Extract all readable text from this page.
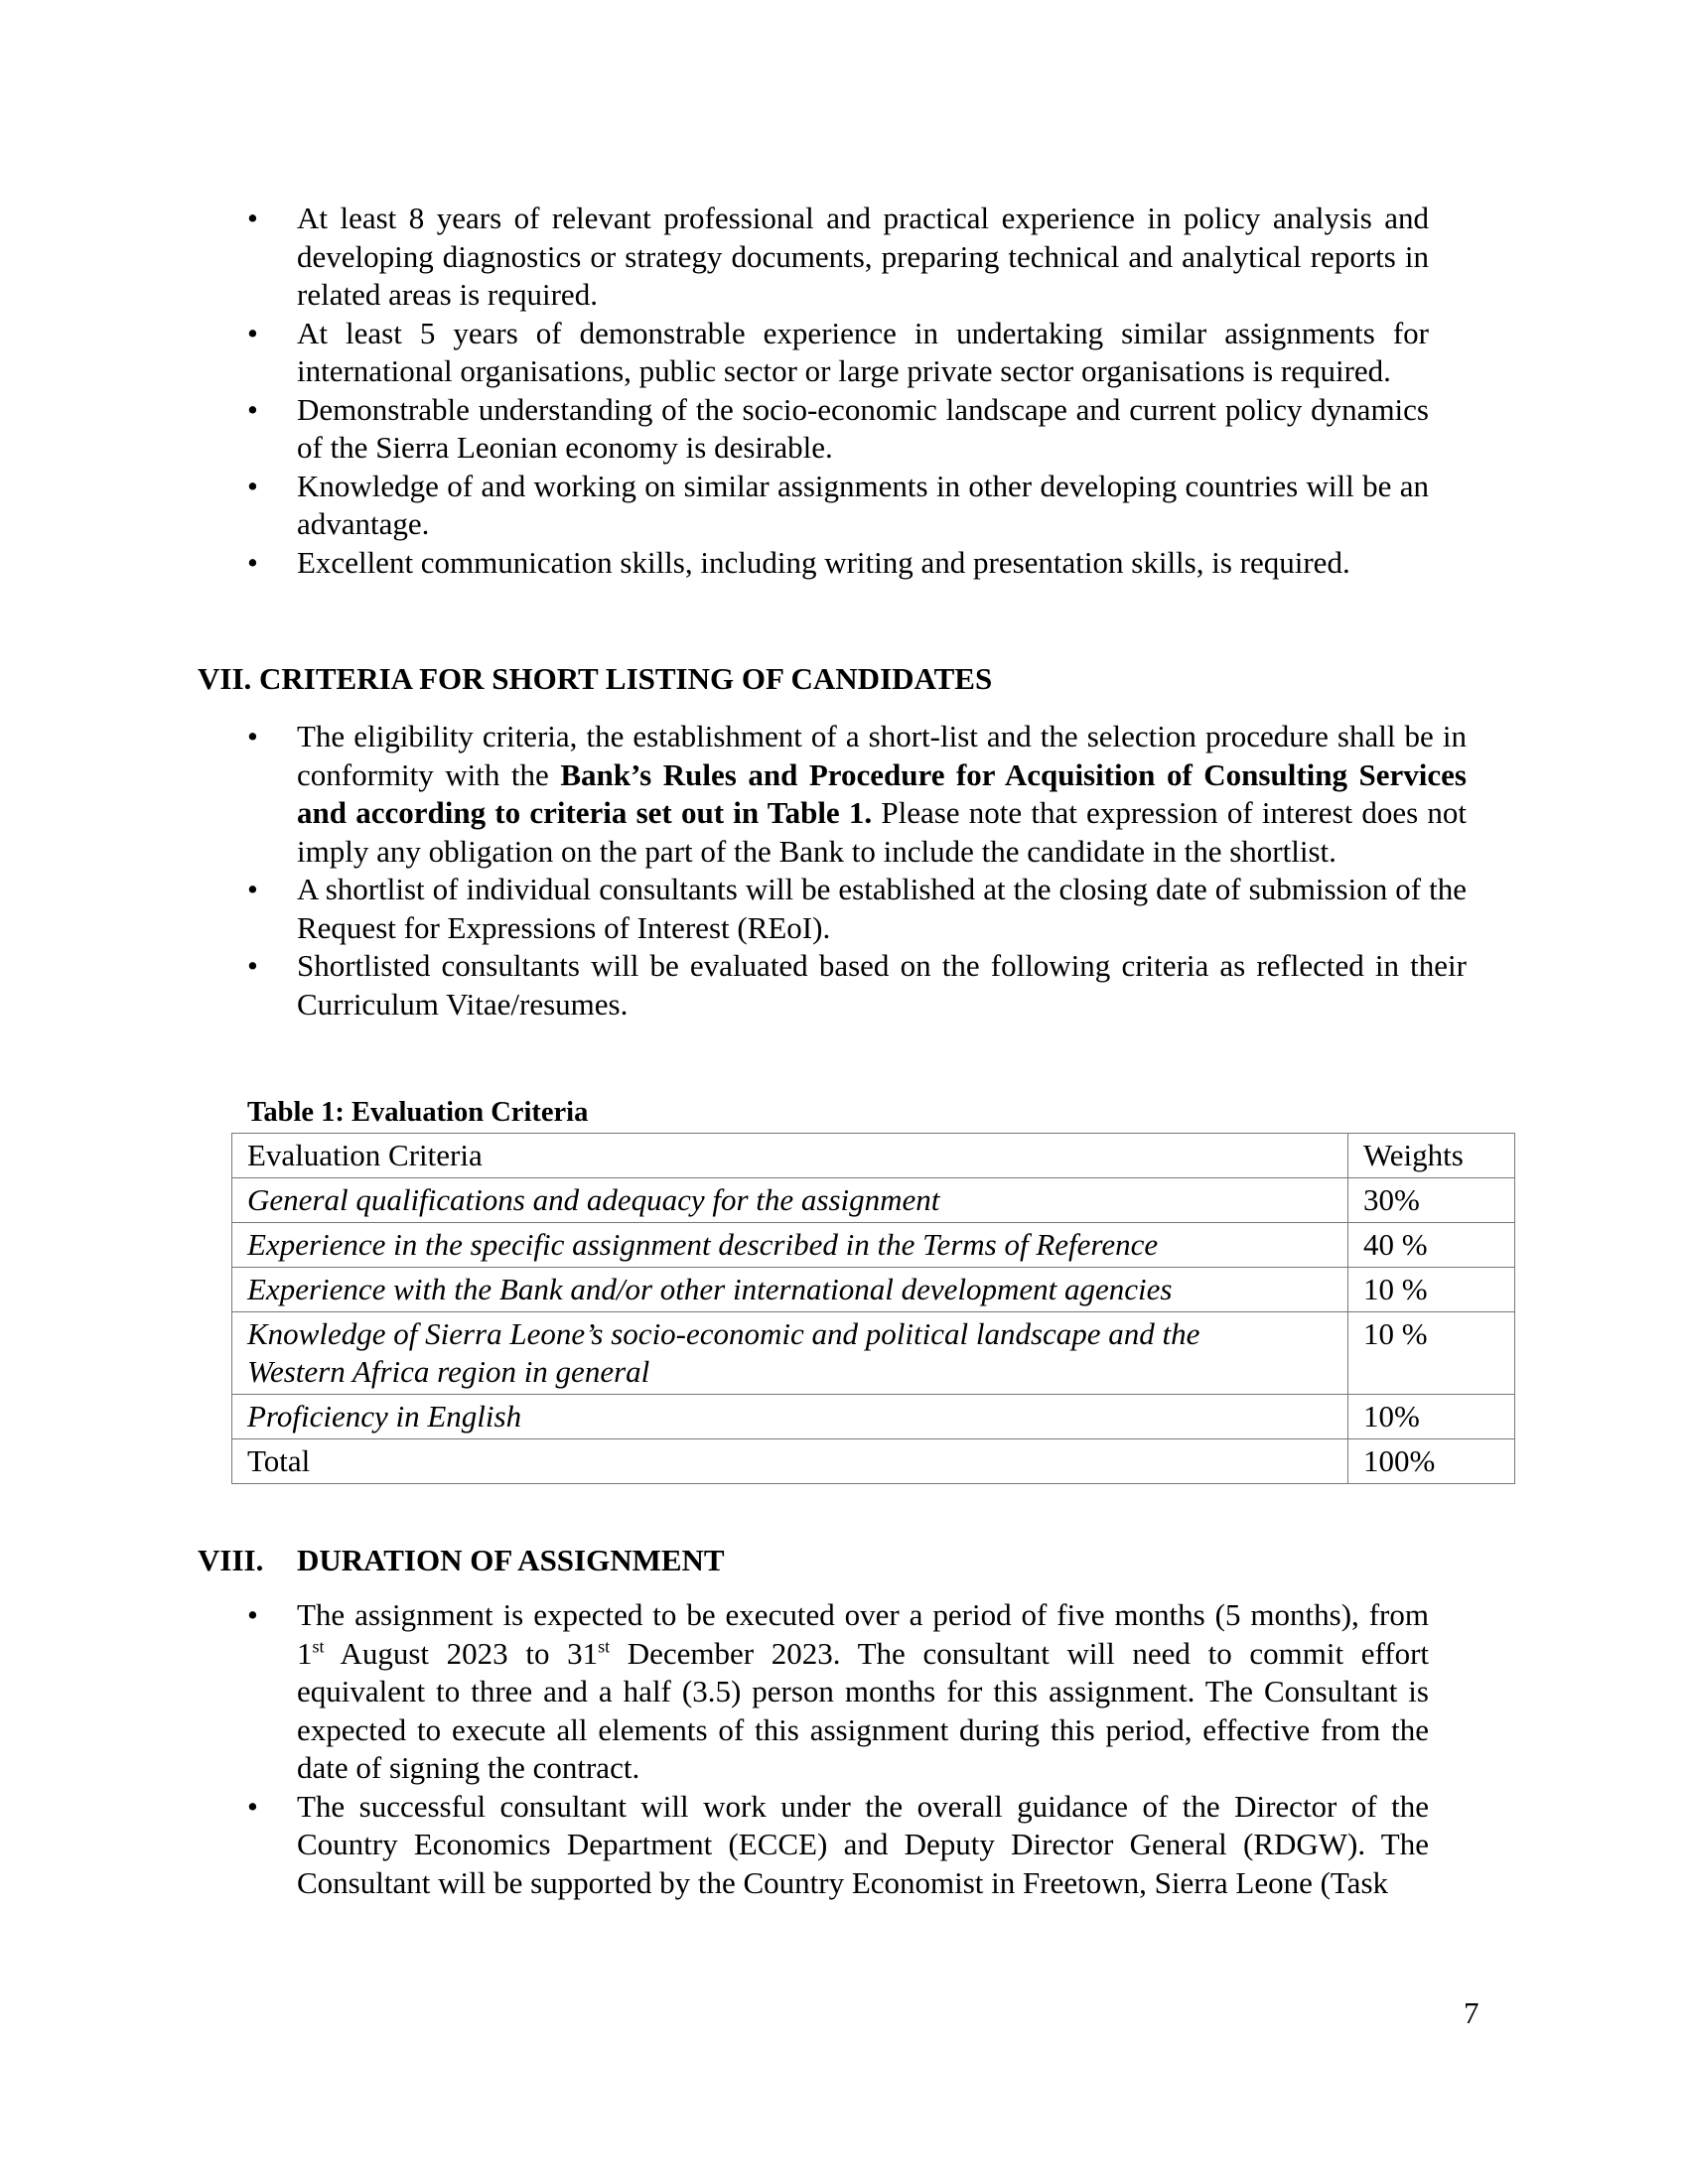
• At least 8 years of relevant professional and practical experience in policy analysis and developing diagnostics or strategy documents, preparing technical and analytical reports in related areas is required.
• At least 5 years of demonstrable experience in undertaking similar assignments for international organisations, public sector or large private sector organisations is required.
• Demonstrable understanding of the socio-economic landscape and current policy dynamics of the Sierra Leonian economy is desirable.
• Knowledge of and working on similar assignments in other developing countries will be an advantage.
• Excellent communication skills, including writing and presentation skills, is required.
VII. CRITERIA FOR SHORT LISTING OF CANDIDATES
• The eligibility criteria, the establishment of a short-list and the selection procedure shall be in conformity with the Bank’s Rules and Procedure for Acquisition of Consulting Services and according to criteria set out in Table 1. Please note that expression of interest does not imply any obligation on the part of the Bank to include the candidate in the shortlist.
• A shortlist of individual consultants will be established at the closing date of submission of the Request for Expressions of Interest (REoI).
• Shortlisted consultants will be evaluated based on the following criteria as reflected in their Curriculum Vitae/resumes.
Table 1: Evaluation Criteria
Evaluation Criteria	Weights
General qualifications and adequacy for the assignment	30%
Experience in the specific assignment described in the Terms of Reference	40 %
Experience with the Bank and/or other international development agencies	10 %
Knowledge of Sierra Leone’s socio-economic and political landscape and the Western Africa region in general	10 %
Proficiency in English	10%
Total	100%
VIII. DURATION OF ASSIGNMENT
• The assignment is expected to be executed over a period of five months (5 months), from 1st August 2023 to 31st December 2023. The consultant will need to commit effort equivalent to three and a half (3.5) person months for this assignment. The Consultant is expected to execute all elements of this assignment during this period, effective from the date of signing the contract.
• The successful consultant will work under the overall guidance of the Director of the Country Economics Department (ECCE) and Deputy Director General (RDGW). The Consultant will be supported by the Country Economist in Freetown, Sierra Leone (Task
7
